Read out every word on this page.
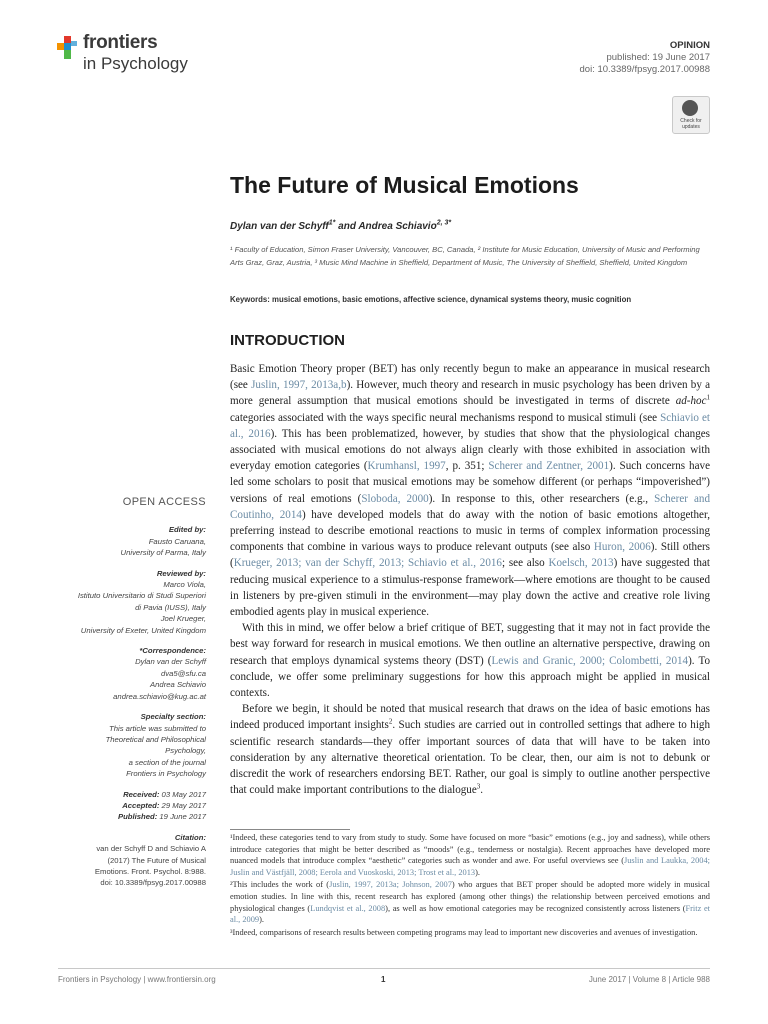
frontiers
in Psychology
OPINION
published: 19 June 2017
doi: 10.3389/fpsyg.2017.00988
Check for updates
The Future of Musical Emotions
Dylan van der Schyff$^{1*}$ and Andrea Schiavio$^{2, 3*}$
¹ Faculty of Education, Simon Fraser University, Vancouver, BC, Canada, ² Institute for Music Education, University of Music and Performing Arts Graz, Graz, Austria, ³ Music Mind Machine in Sheffield, Department of Music, The University of Sheffield, Sheffield, United Kingdom
Keywords: musical emotions, basic emotions, affective science, dynamical systems theory, music cognition
INTRODUCTION

Basic Emotion Theory proper (BET) has only recently begun to make an appearance in musical research (see Juslin, 1997, 2013a,b). However, much theory and research in music psychology has been driven by a more general assumption that musical emotions should be investigated in terms of discrete ad-hoc$^1$ categories associated with the ways specific neural mechanisms respond to musical stimuli (see Schiavio et al., 2016). This has been problematized, however, by studies that show that the physiological changes associated with musical emotions do not always align clearly with those exhibited in association with everyday emotion categories (Krumhansl, 1997, p. 351; Scherer and Zentner, 2001). Such concerns have led some scholars to posit that musical emotions may be somehow different (or perhaps “impoverished”) versions of real emotions (Sloboda, 2000). In response to this, other researchers (e.g., Scherer and Coutinho, 2014) have developed models that do away with the notion of basic emotions altogether, preferring instead to describe emotional reactions to music in terms of complex information processing components that combine in various ways to produce relevant outputs (see also Huron, 2006). Still others (Krueger, 2013; van der Schyff, 2013; Schiavio et al., 2016; see also Koelsch, 2013) have suggested that reducing musical experience to a stimulus-response framework—where emotions are thought to be caused in listeners by pre-given stimuli in the environment—may play down the active and creative role living embodied agents play in musical experience.

With this in mind, we offer below a brief critique of BET, suggesting that it may not in fact provide the best way forward for research in musical emotions. We then outline an alternative perspective, drawing on research that employs dynamical systems theory (DST) (Lewis and Granic, 2000; Colombetti, 2014). To conclude, we offer some preliminary suggestions for how this approach might be applied in musical contexts.

Before we begin, it should be noted that musical research that draws on the idea of basic emotions has indeed produced important insights$^2$. Such studies are carried out in controlled settings that adhere to high scientific research standards—they offer important sources of data that will have to be taken into consideration by any alternative theoretical orientation. To be clear, then, our aim is not to debunk or discredit the work of researchers endorsing BET. Rather, our goal is simply to outline another perspective that could make important contributions to the dialogue$^3$.

¹Indeed, these categories tend to vary from study to study. Some have focused on more “basic” emotions (e.g., joy and sadness), while others introduce categories that might be better described as “moods” (e.g., tenderness or nostalgia). Recent approaches have developed more nuanced models that introduce complex “aesthetic” categories such as wonder and awe. For useful overviews see (Juslin and Laukka, 2004; Juslin and Västfjäll, 2008; Eerola and Vuoskoski, 2013; Trost et al., 2013).

²This includes the work of (Juslin, 1997, 2013a; Johnson, 2007) who argues that BET proper should be adopted more widely in musical emotion studies. In line with this, recent research has explored (among other things) the relationship between perceived emotions and physiological changes (Lundqvist et al., 2008), as well as how emotional categories may be recognized consistently across listeners (Fritz et al., 2009).

³Indeed, comparisons of research results between competing programs may lead to important new discoveries and avenues of investigation.

OPEN ACCESS
Edited by:
Fausto Caruana,
University of Parma, Italy
Reviewed by:
Marco Viola,
Istituto Universitario di Studi Superiori
di Pavia (IUSS), Italy
Joel Krueger,
University of Exeter, United Kingdom
*Correspondence:
Dylan van der Schyff
dva5@sfu.ca
Andrea Schiavio
andrea.schiavio@kug.ac.at
Specialty section:
This article was submitted to
Theoretical and Philosophical
Psychology,
a section of the journal
Frontiers in Psychology
Received: 03 May 2017
Accepted: 29 May 2017
Published: 19 June 2017
Citation:
van der Schyff D and Schiavio A
(2017) The Future of Musical
Emotions. Front. Psychol. 8:988.
doi: 10.3389/fpsyg.2017.00988
Frontiers in Psychology | www.frontiersin.org	1	June 2017 | Volume 8 | Article 988
